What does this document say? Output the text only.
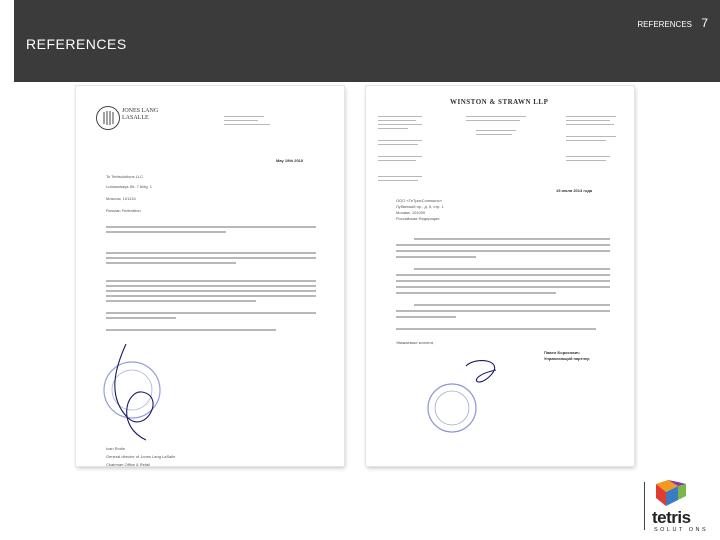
REFERENCES
REFERENCES 7
JONES LANG
LASALLE
May 19th 2010
To Tetrisolutions LLC
Lubianskaya Str. 7 bldg. 1
Moscow, 101134
Russian Federation
Ivan Rodin
General director of Jones Lang LaSalle
Chairman Office & Retail
WINSTON & STRAWN LLP
15 июля 2013 года
ООО «ТеТрисСолюшнс»
Лубянский пр., д. 5, стр. 1
Москва, 101000
Российская Федерация
Уважаемые коллеги,
Павел Борисович
Управляющий партнер
tetris
SOLUT ONS
